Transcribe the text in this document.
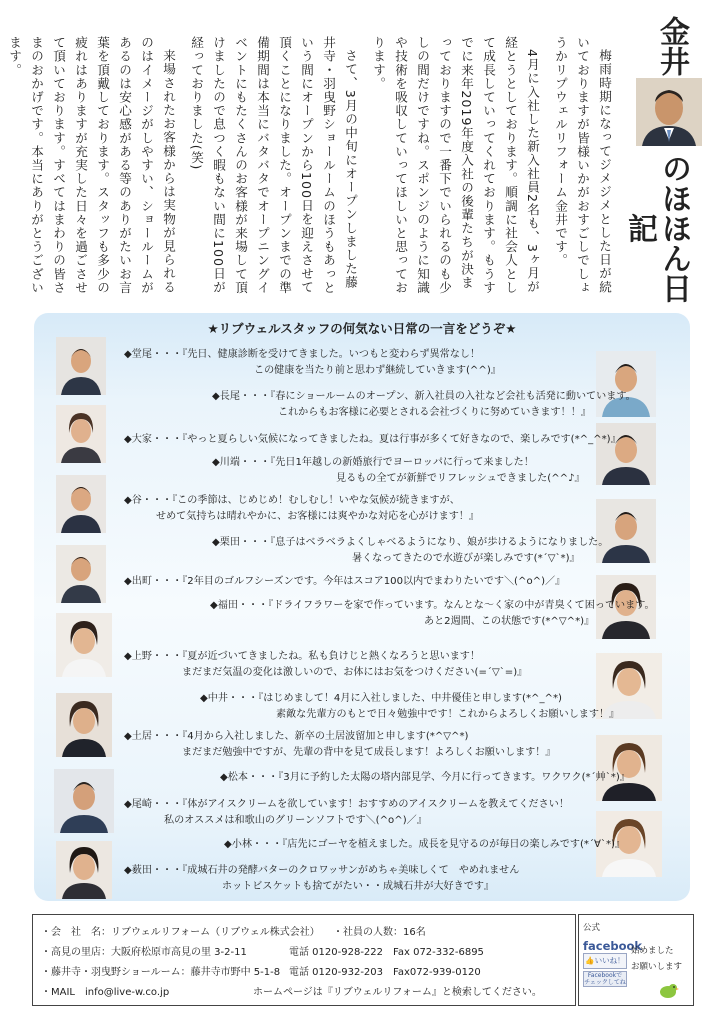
梅雨時期になってジメジメとした日が続いておりますが皆様いかがおすごしでしょうかリプウェルリフォーム金井です。

4月に入社した新入社員2名も、3ヶ月が経とうとしております。順調に社会人として成長していってくれております。もうすでに来年2019年度入社の後輩たちが決まっておりますので一番下でいられるのも少しの間だけですね。スポンジのように知識や技術を吸収していってほしいと思っております。

さて、3月の中旬にオープンしました藤井寺・羽曳野ショールームのほうもあっという間にオープンから100日を迎えさせて頂くことになりました。オープンまでの準備期間は本当にバタバタでオープニングイベントにもたくさんのお客様が来場して頂けましたので息つく暇もない間に100日が経っておりました(笑)

来場されたお客様からは実物が見られるのはイメージがしやすい、ショールームがあるのは安心感がある等のありがたいお言葉を頂戴しております。スタッフも多少の疲れはありますが充実した日々を過ごさせて頂いております。すべてはまわりの皆さまのおかげです。本当にありがとうございます。	金井
のほほん日記
★リブウェルスタッフの何気ない日常の一言をどうぞ★
◆堂尾・・・『先日、健康診断を受けてきました。いつもと変わらず異常なし！
この健康を当たり前と思わず継続していきます(^^)』
◆長尾・・・『春にショールームのオープン、新入社員の入社など会社も活発に動いています。
これからもお客様に必要とされる会社づくりに努めていきます！！』
◆大家・・・『やっと夏らしい気候になってきましたね。夏は行事が多くて好きなので、楽しみです(*^_^*)』
◆川端・・・『先日1年越しの新婚旅行でヨーロッパに行って来ました！
見るもの全てが新鮮でリフレッシュできました(^^♪』
◆谷・・・『この季節は、じめじめ！むしむし！いやな気候が続きますが、
せめて気持ちは晴れやかに、お客様には爽やかな対応を心がけます！』
◆栗田・・・『息子はベラベラよくしゃべるようになり、娘が歩けるようになりました。
暑くなってきたので水遊びが楽しみです(*´▽`*)』
◆出町・・・『2年目のゴルフシーズンです。今年はスコア100以内でまわりたいです＼(^o^)／』
◆福田・・・『ドライフラワーを家で作っています。なんとな～く家の中が青臭くて困っています。
あと2週間、この状態です(*^▽^*)』
◆上野・・・『夏が近づいてきましたね。私も負けじと熱くなろうと思います！
まだまだ気温の変化は激しいので、お体にはお気をつけください(=´▽`=)』
◆中井・・・『はじめまして！4月に入社しました、中井優佳と申します(*^_^*)
素敵な先輩方のもとで日々勉強中です！これからよろしくお願いします！』
◆土居・・・『4月から入社しました、新卒の土居波留加と申します(*^▽^*)
まだまだ勉強中ですが、先輩の背中を見て成長します！よろしくお願いします！』
◆松本・・・『3月に予約した太陽の塔内部見学、今月に行ってきます。ワクワク(*´艸`*)』
◆尾崎・・・『体がアイスクリームを欲しています！おすすめのアイスクリームを教えてください！
私のオススメは和歌山のグリーンソフトです＼(^o^)／』
◆小林・・・『店先にゴーヤを植えました。成長を見守るのが毎日の楽しみです(*´∀`*)』
◆薮田・・・『成城石井の発酵バターのクロワッサンがめちゃ美味しくて　やめれません
ホットビスケットも捨てがたい・・成城石井が大好きです』
・会　社　名：リブウェルリフォーム（リブウェル株式会社） ・社員の人数：16名
・高見の里店：大阪府松原市高見の里 3-2-11	電話 0120-928-222　Fax 072-332-6895
・藤井寺・羽曳野ショールーム：藤井寺市野中 5-1-8 電話 0120-932-203　Fax072-939-0120
・MAIL　info@live-w.co.jp	ホームページは『リブウェルリフォーム』と検索してください。
公式
facebook
👍いいね！
Facebookで チェックしてね
始めました
お願いします
